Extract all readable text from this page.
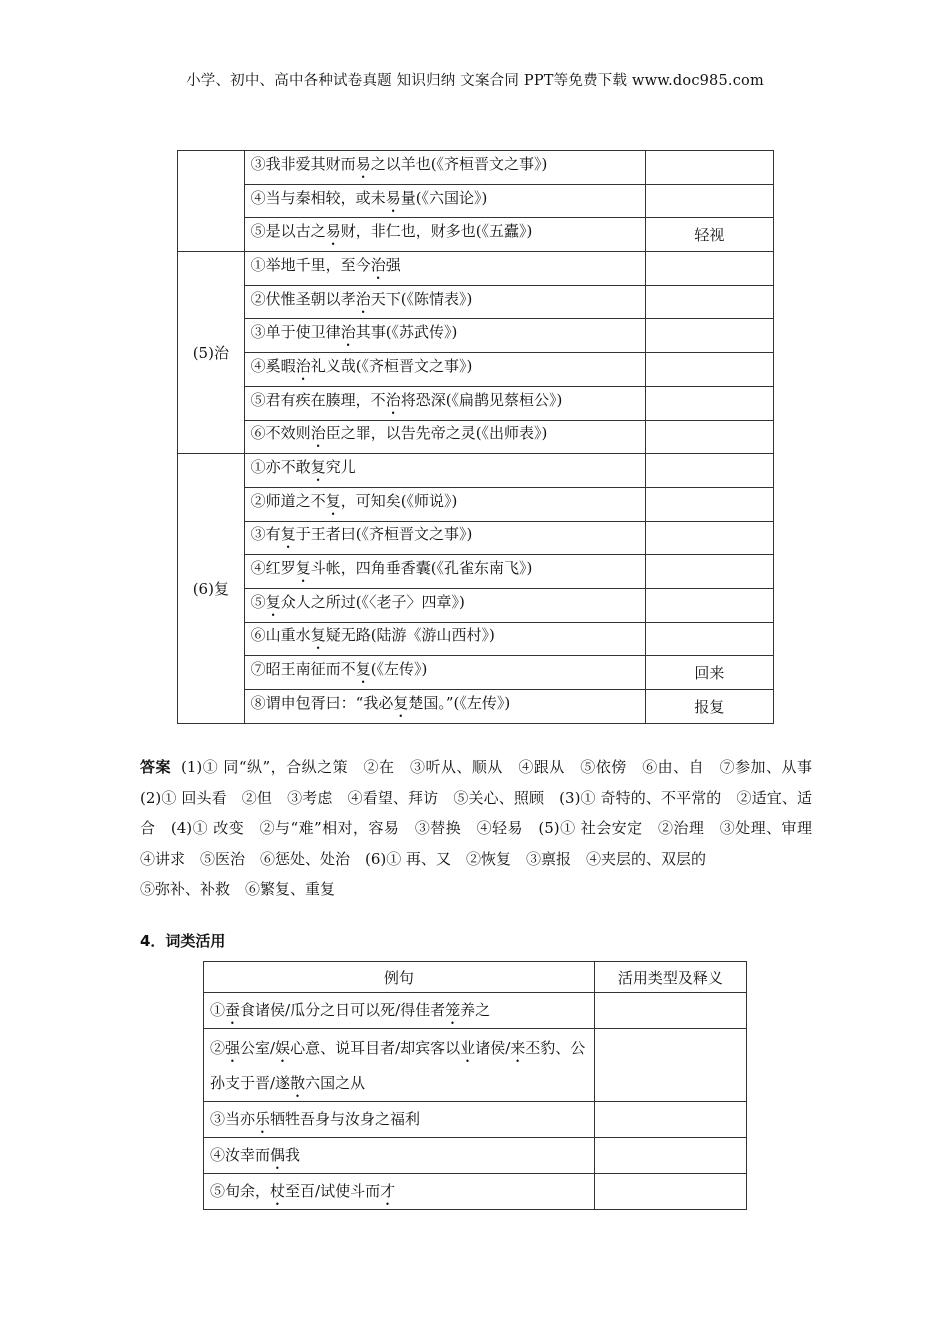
小学、初中、高中各种试卷真题 知识归纳 文案合同 PPT等免费下载 www.doc985.com
	③我非爱其财而易之以羊也(《齐桓晋文之事》)	
	④当与秦相较，或未易量(《六国论》)	
	⑤是以古之易财，非仁也，财多也(《五蠹》)	轻视
(5)治	①举地千里，至今治强	
	②伏惟圣朝以孝治天下(《陈情表》)	
	③单于使卫律治其事(《苏武传》)	
	④奚暇治礼义哉(《齐桓晋文之事》)	
	⑤君有疾在腠理，不治将恐深(《扁鹊见蔡桓公》)	
	⑥不效则治臣之罪，以告先帝之灵(《出师表》)	
(6)复	①亦不敢复究儿	
	②师道之不复，可知矣(《师说》)	
	③有复于王者曰(《齐桓晋文之事》)	
	④红罗复斗帐，四角垂香囊(《孔雀东南飞》)	
	⑤复众人之所过(《〈老子〉四章》)	
	⑥山重水复疑无路(陆游《游山西村》)	
	⑦昭王南征而不复(《左传》)	回来
	⑧谓申包胥曰：“我必复楚国。”(《左传》)	报复
答案 (1)① 同“纵”，合纵之策　②在　③听从、顺从　④跟从　⑤依傍　⑥由、自　⑦参加、从事　(2)① 回头看　②但　③考虑　④看望、拜访　⑤关心、照顾　(3)① 奇特的、不平常的　②适宜、适合　(4)① 改变　②与“难”相对，容易　③替换　④轻易　(5)① 社会安定　②治理　③处理、审理　④讲求　⑤医治　⑥惩处、处治　(6)① 再、又　②恢复　③禀报　④夹层的、双层的
⑤弥补、补救　⑥繁复、重复
4．词类活用
例句	活用类型及释义
①蚕食诸侯/瓜分之日可以死/得佳者笼养之	
②强公室/娱心意、说耳目者/却宾客以业诸侯/来丕豹、公孙支于晋/遂散六国之从	
③当亦乐牺牲吾身与汝身之福利	
④汝幸而偶我	
⑤旬余，杖至百/试使斗而才	
